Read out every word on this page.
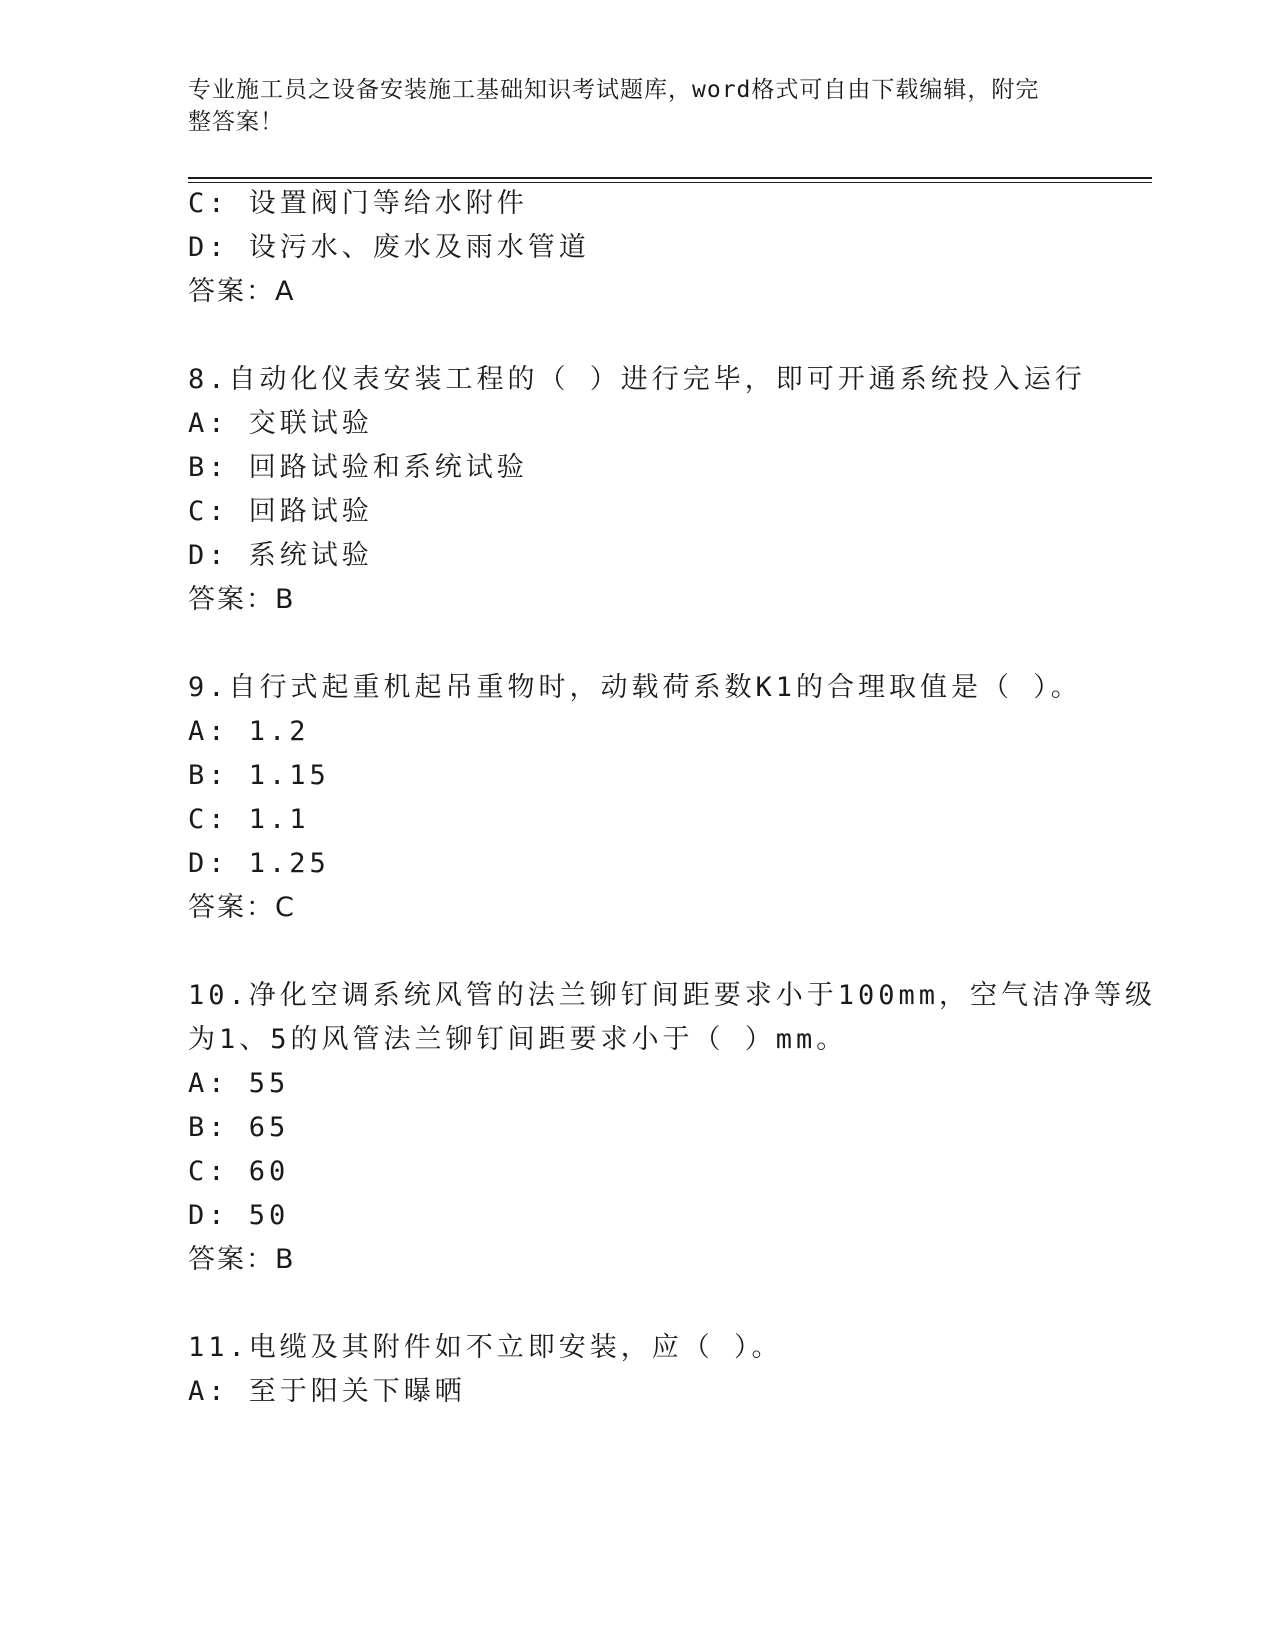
专业施工员之设备安装施工基础知识考试题库，word格式可自由下载编辑，附完
整答案！
C: 设置阀门等给水附件
D: 设污水、废水及雨水管道
答案：A
8.自动化仪表安装工程的（ ）进行完毕，即可开通系统投入运行
A: 交联试验
B: 回路试验和系统试验
C: 回路试验
D: 系统试验
答案：B
9.自行式起重机起吊重物时，动载荷系数K1的合理取值是（ ）。
A: 1.2
B: 1.15
C: 1.1
D: 1.25
答案：C
10.净化空调系统风管的法兰铆钉间距要求小于100mm，空气洁净等级
为1、5的风管法兰铆钉间距要求小于（ ）mm。
A: 55
B: 65
C: 60
D: 50
答案：B
11.电缆及其附件如不立即安装，应（ ）。
A: 至于阳关下曝晒
